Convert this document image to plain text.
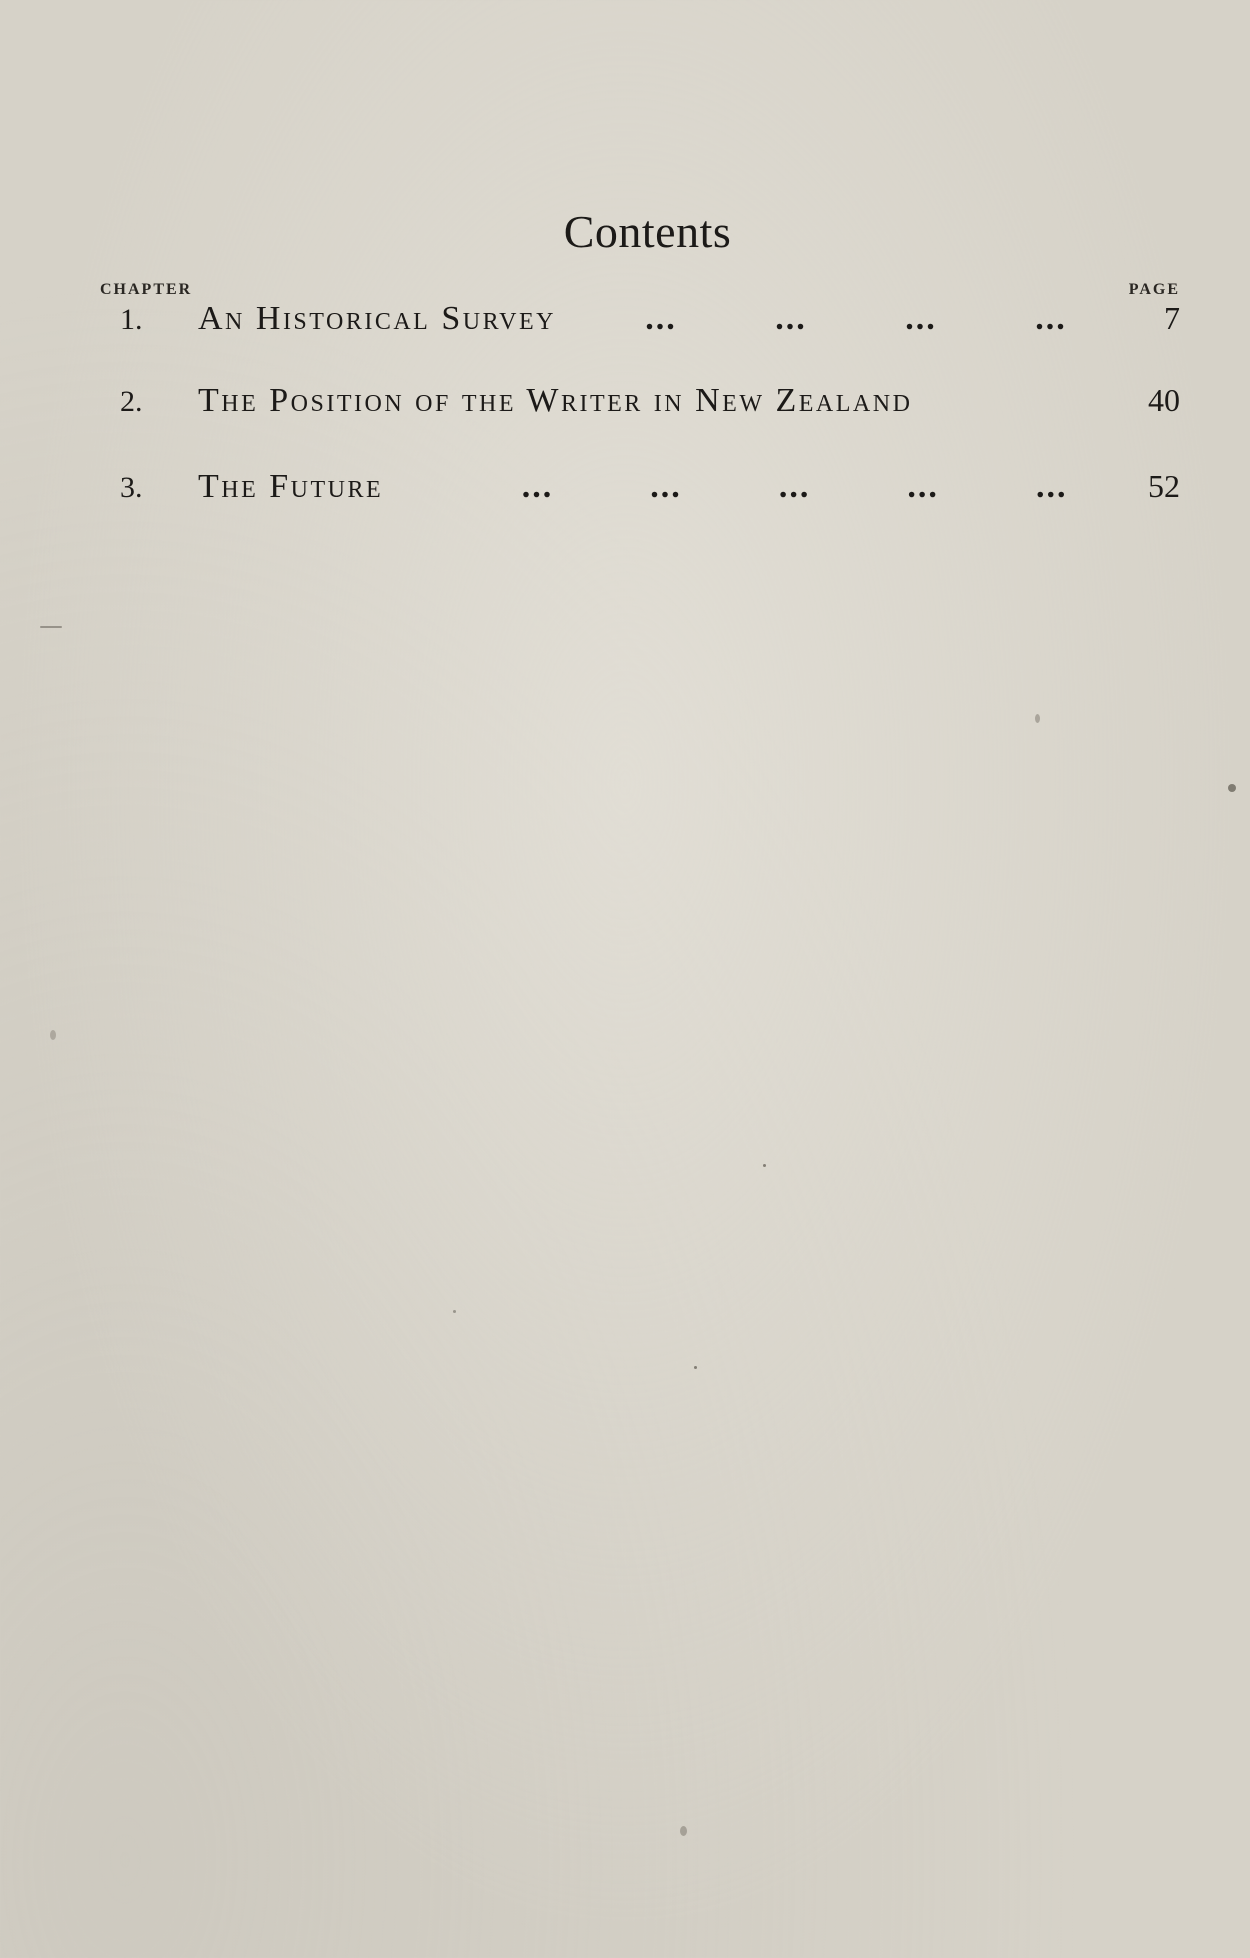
Contents
CHAPTER	PAGE
1.	An Historical Survey	...	...	...	...	7
2.	The Position of the Writer in New Zealand	40
3.	The Future	...	...	...	...	...	52
